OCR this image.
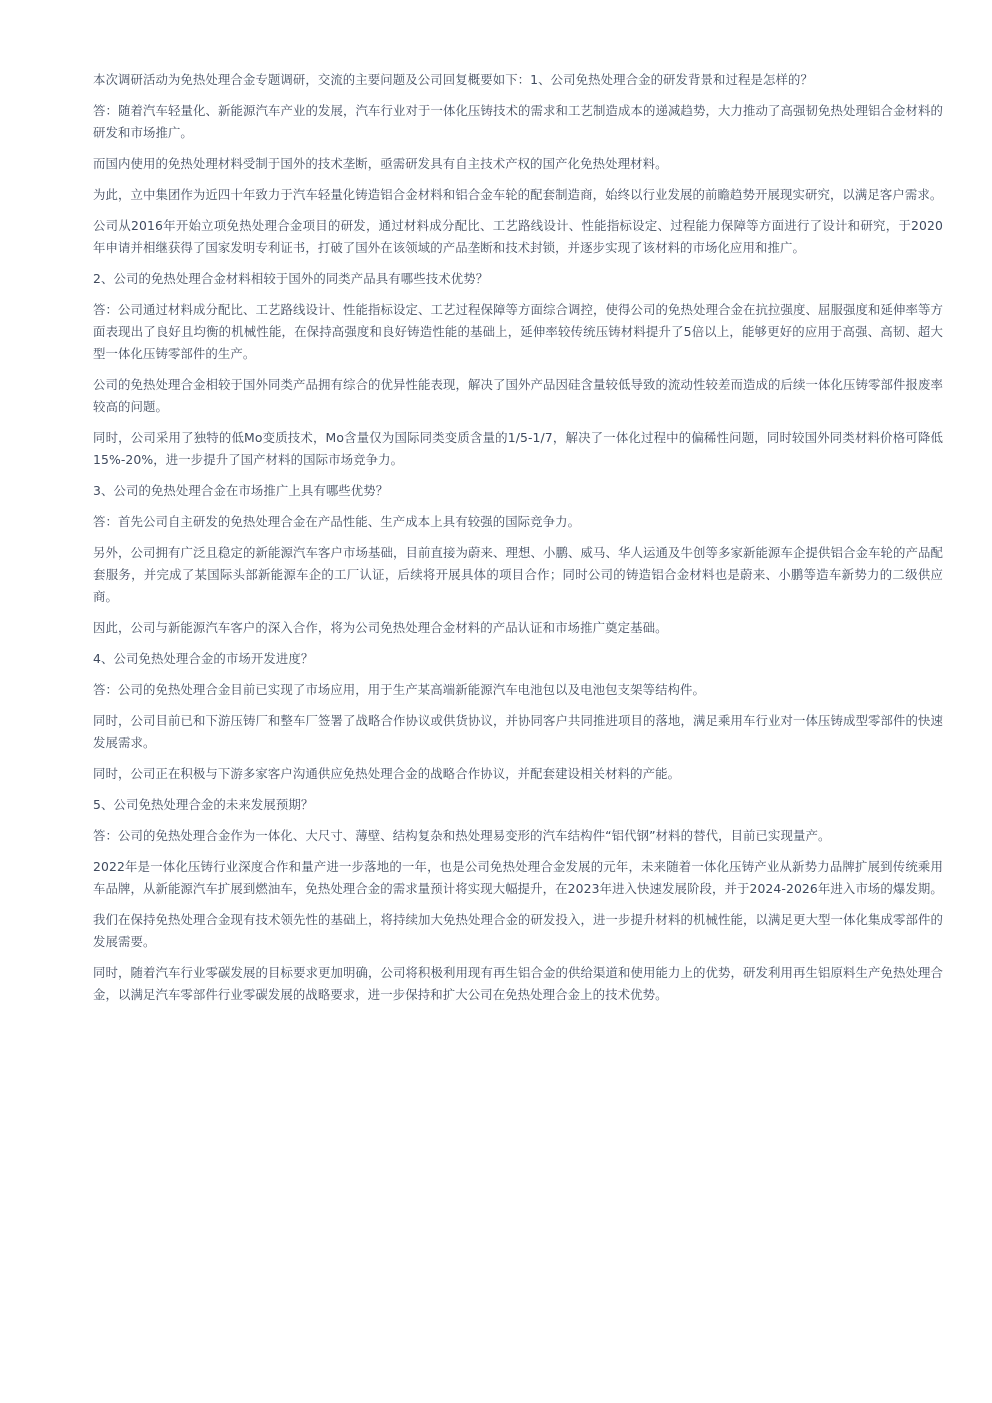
本次调研活动为免热处理合金专题调研，交流的主要问题及公司回复概要如下：1、公司免热处理合金的研发背景和过程是怎样的？

答：随着汽车轻量化、新能源汽车产业的发展，汽车行业对于一体化压铸技术的需求和工艺制造成本的递减趋势，大力推动了高强韧免热处理铝合金材料的研发和市场推广。

而国内使用的免热处理材料受制于国外的技术垄断，亟需研发具有自主技术产权的国产化免热处理材料。

为此，立中集团作为近四十年致力于汽车轻量化铸造铝合金材料和铝合金车轮的配套制造商，始终以行业发展的前瞻趋势开展现实研究，以满足客户需求。

公司从2016年开始立项免热处理合金项目的研发，通过材料成分配比、工艺路线设计、性能指标设定、过程能力保障等方面进行了设计和研究，于2020年申请并相继获得了国家发明专利证书，打破了国外在该领域的产品垄断和技术封锁，并逐步实现了该材料的市场化应用和推广。

2、公司的免热处理合金材料相较于国外的同类产品具有哪些技术优势？

答：公司通过材料成分配比、工艺路线设计、性能指标设定、工艺过程保障等方面综合调控，使得公司的免热处理合金在抗拉强度、屈服强度和延伸率等方面表现出了良好且均衡的机械性能，在保持高强度和良好铸造性能的基础上，延伸率较传统压铸材料提升了5倍以上，能够更好的应用于高强、高韧、超大型一体化压铸零部件的生产。

公司的免热处理合金相较于国外同类产品拥有综合的优异性能表现，解决了国外产品因硅含量较低导致的流动性较差而造成的后续一体化压铸零部件报废率较高的问题。

同时，公司采用了独特的低Mo变质技术，Mo含量仅为国际同类变质含量的1/5-1/7，解决了一体化过程中的偏稀性问题，同时较国外同类材料价格可降低15%-20%，进一步提升了国产材料的国际市场竞争力。

3、公司的免热处理合金在市场推广上具有哪些优势？

答：首先公司自主研发的免热处理合金在产品性能、生产成本上具有较强的国际竞争力。

另外，公司拥有广泛且稳定的新能源汽车客户市场基础，目前直接为蔚来、理想、小鹏、威马、华人运通及牛创等多家新能源车企提供铝合金车轮的产品配套服务，并完成了某国际头部新能源车企的工厂认证，后续将开展具体的项目合作；同时公司的铸造铝合金材料也是蔚来、小鹏等造车新势力的二级供应商。

因此，公司与新能源汽车客户的深入合作，将为公司免热处理合金材料的产品认证和市场推广奠定基础。

4、公司免热处理合金的市场开发进度？

答：公司的免热处理合金目前已实现了市场应用，用于生产某高端新能源汽车电池包以及电池包支架等结构件。

同时，公司目前已和下游压铸厂和整车厂签署了战略合作协议或供货协议，并协同客户共同推进项目的落地，满足乘用车行业对一体压铸成型零部件的快速发展需求。

同时，公司正在积极与下游多家客户沟通供应免热处理合金的战略合作协议，并配套建设相关材料的产能。

5、公司免热处理合金的未来发展预期？

答：公司的免热处理合金作为一体化、大尺寸、薄壁、结构复杂和热处理易变形的汽车结构件“铝代钢”材料的替代，目前已实现量产。

2022年是一体化压铸行业深度合作和量产进一步落地的一年，也是公司免热处理合金发展的元年，未来随着一体化压铸产业从新势力品牌扩展到传统乘用车品牌，从新能源汽车扩展到燃油车，免热处理合金的需求量预计将实现大幅提升，在2023年进入快速发展阶段，并于2024-2026年进入市场的爆发期。

我们在保持免热处理合金现有技术领先性的基础上，将持续加大免热处理合金的研发投入，进一步提升材料的机械性能，以满足更大型一体化集成零部件的发展需要。

同时，随着汽车行业零碳发展的目标要求更加明确，公司将积极利用现有再生铝合金的供给渠道和使用能力上的优势，研发利用再生铝原料生产免热处理合金，以满足汽车零部件行业零碳发展的战略要求，进一步保持和扩大公司在免热处理合金上的技术优势。
